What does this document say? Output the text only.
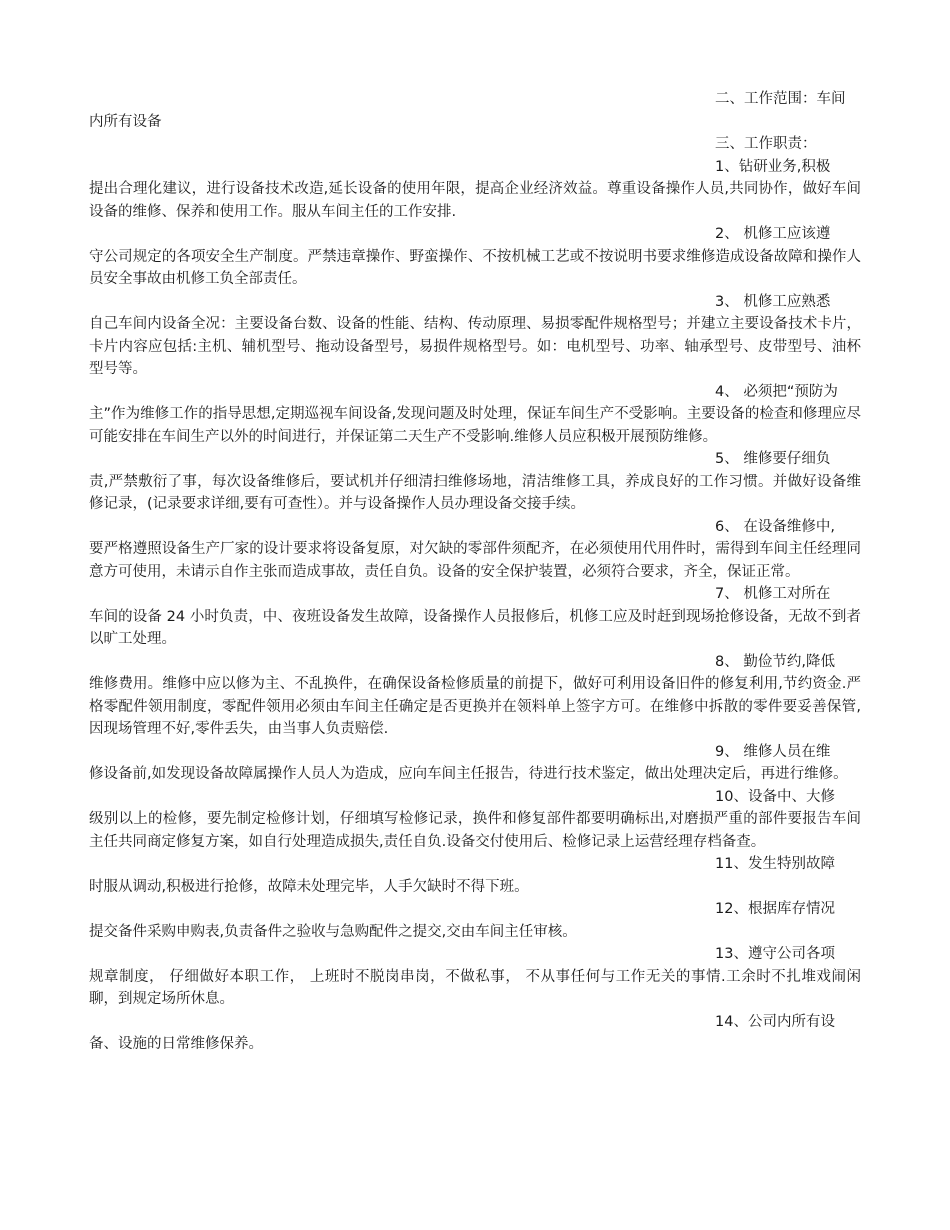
二、工作范围：车间
内所有设备
三、工作职责：
1、钻研业务,积极
提出合理化建议，进行设备技术改造,延长设备的使用年限，提高企业经济效益。尊重设备操作人员,共同协作，做好车间设备的维修、保养和使用工作。服从车间主任的工作安排.
2、 机修工应该遵
守公司规定的各项安全生产制度。严禁违章操作、野蛮操作、不按机械工艺或不按说明书要求维修造成设备故障和操作人员安全事故由机修工负全部责任。
3、 机修工应熟悉
自己车间内设备全况：主要设备台数、设备的性能、结构、传动原理、易损零配件规格型号；并建立主要设备技术卡片，卡片内容应包括:主机、辅机型号、拖动设备型号，易损件规格型号。如：电机型号、功率、轴承型号、皮带型号、油杯型号等。
4、 必须把“预防为
主”作为维修工作的指导思想,定期巡视车间设备,发现问题及时处理，保证车间生产不受影响。主要设备的检查和修理应尽可能安排在车间生产以外的时间进行，并保证第二天生产不受影响.维修人员应积极开展预防维修。
5、 维修要仔细负
责,严禁敷衍了事，每次设备维修后，要试机并仔细清扫维修场地，清洁维修工具，养成良好的工作习惯。并做好设备维修记录，(记录要求详细,要有可查性）。并与设备操作人员办理设备交接手续。
6、 在设备维修中,
要严格遵照设备生产厂家的设计要求将设备复原，对欠缺的零部件须配齐，在必须使用代用件时，需得到车间主任经理同意方可使用，未请示自作主张而造成事故，责任自负。设备的安全保护装置，必须符合要求，齐全，保证正常。
7、 机修工对所在
车间的设备 24 小时负责，中、夜班设备发生故障，设备操作人员报修后，机修工应及时赶到现场抢修设备，无故不到者以旷工处理。
8、 勤俭节约,降低
维修费用。维修中应以修为主、不乱换件，在确保设备检修质量的前提下，做好可利用设备旧件的修复利用,节约资金.严格零配件领用制度，零配件领用必须由车间主任确定是否更换并在领料单上签字方可。在维修中拆散的零件要妥善保管,因现场管理不好,零件丢失，由当事人负责赔偿.
9、 维修人员在维
修设备前,如发现设备故障属操作人员人为造成，应向车间主任报告，待进行技术鉴定，做出处理决定后，再进行维修。
10、设备中、大修
级别以上的检修，要先制定检修计划，仔细填写检修记录，换件和修复部件都要明确标出,对磨损严重的部件要报告车间主任共同商定修复方案，如自行处理造成损失,责任自负.设备交付使用后、检修记录上运营经理存档备查。
11、发生特别故障
时服从调动,积极进行抢修，故障未处理完毕，人手欠缺时不得下班。
12、根据库存情况
提交备件采购申购表,负责备件之验收与急购配件之提交,交由车间主任审核。
13、遵守公司各项
规章制度， 仔细做好本职工作， 上班时不脱岗串岗，不做私事， 不从事任何与工作无关的事情.工余时不扎堆戏闹闲聊，到规定场所休息。
14、公司内所有设
备、设施的日常维修保养。
